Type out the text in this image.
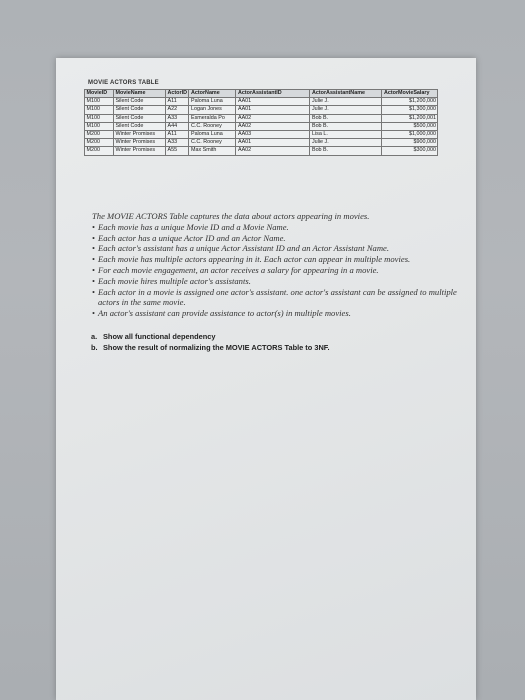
MOVIE ACTORS TABLE
MovieID	MovieName	ActorID	ActorName	ActorAssistantID	ActorAssistantName	ActorMovieSalary
M100	Silent Code	A11	Paloma Luna	AA01	Julie J.	$1,200,000
M100	Silent Code	A22	Logan Jones	AA01	Julie J.	$1,300,000
M100	Silent Code	A33	Esmeralda Po	AA02	Bob B.	$1,200,001
M100	Silent Code	A44	C.C. Rooney	AA02	Bob B.	$500,000
M200	Winter Promises	A11	Paloma Luna	AA03	Lisa L.	$1,000,000
M200	Winter Promises	A33	C.C. Rooney	AA01	Julie J.	$900,000
M200	Winter Promises	A55	Max Smith	AA02	Bob B.	$300,000

The MOVIE ACTORS Table captures the data about actors appearing in movies.

• Each movie has a unique Movie ID and a Movie Name.
• Each actor has a unique Actor ID and an Actor Name.
• Each actor's assistant has a unique Actor Assistant ID and an Actor Assistant Name.
• Each movie has multiple actors appearing in it. Each actor can appear in multiple movies.
• For each movie engagement, an actor receives a salary for appearing in a movie.
• Each movie hires multiple actor's assistants.
• Each actor in a movie is assigned one actor's assistant. one actor's assistant can be assigned to multiple actors in the same movie.
• An actor's assistant can provide assistance to actor(s) in multiple movies.
a. Show all functional dependency
b. Show the result of normalizing the MOVIE ACTORS Table to 3NF.
